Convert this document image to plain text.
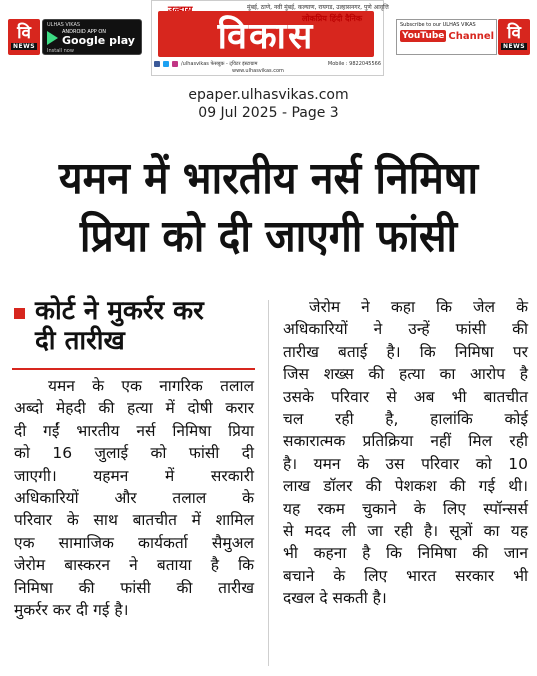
वि
NEWS
ULHAS VIKAS
ANDROID APP ON
Google play
Install now
मुंबई, ठाणे, नवी मुंबई, कल्याण, रायगड, उल्हासनगर, पुणे आवृत्ति
विकास
लोकप्रिय हिंदी दैनिक
/ulhasvikas फेसबुक - ट्विटर इंस्टाग्राम	Mobile : 9822045566
www.ulhasvikas.com
Subscribe to our ULHAS VIKAS
YouTube Channel वि
NEWS
epaper.ulhasvikas.com
09 Jul 2025 - Page 3
यमन में भारतीय नर्स निमिषा
प्रिया को दी जाएगी फांसी
कोर्ट ने मुकर्रर कर
दी तारीख
यमन के एक नागरिक तलाल
अब्दो मेहदी की हत्या में दोषी करार
दी गईं भारतीय नर्स निमिषा प्रिया
को 16 जुलाई को फांसी दी
जाएगी। यहमन में सरकारी
अधिकारियों और तलाल के
परिवार के साथ बातचीत में शामिल
एक सामाजिक कार्यकर्ता सैमुअल
जेरोम बास्करन ने बताया है कि
निमिषा की फांसी की तारीख
मुकर्रर कर दी गई है।
जेरोम ने कहा कि जेल के
अधिकारियों ने उन्हें फांसी की
तारीख बताई है। कि निमिषा पर
जिस शख्स की हत्या का आरोप है
उसके परिवार से अब भी बातचीत
चल रही है, हालांकि कोई
सकारात्मक प्रतिक्रिया नहीं मिल रही
है। यमन के उस परिवार को 10
लाख डॉलर की पेशकश की गई थी।
यह रकम चुकाने के लिए स्पॉन्सर्स
से मदद ली जा रही है। सूत्रों का यह
भी कहना है कि निमिषा की जान
बचाने के लिए भारत सरकार भी
दखल दे सकती है।
